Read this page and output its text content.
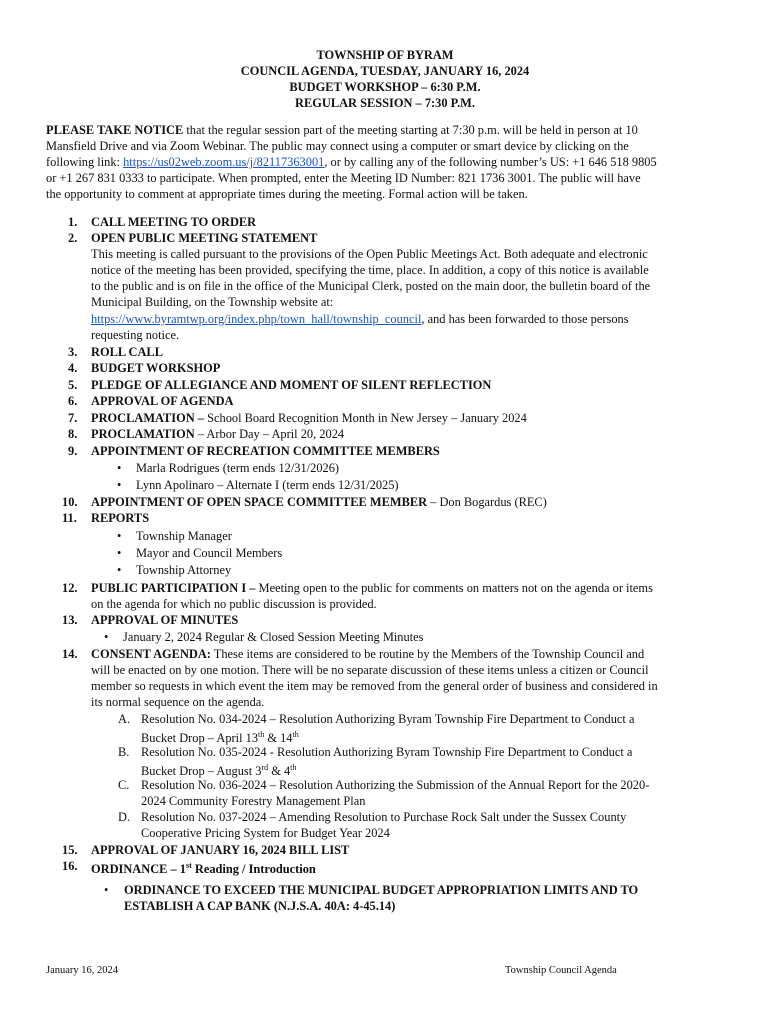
TOWNSHIP OF BYRAM
COUNCIL AGENDA, TUESDAY, JANUARY 16, 2024
BUDGET WORKSHOP – 6:30 P.M.
REGULAR SESSION – 7:30 P.M.
PLEASE TAKE NOTICE that the regular session part of the meeting starting at 7:30 p.m. will be held in person at 10
Mansfield Drive and via Zoom Webinar. The public may connect using a computer or smart device by clicking on the
following link: https://us02web.zoom.us/j/82117363001, or by calling any of the following number’s US: +1 646 518 9805
or +1 267 831 0333 to participate. When prompted, enter the Meeting ID Number: 821 1736 3001. The public will have
the opportunity to comment at appropriate times during the meeting. Formal action will be taken.
1. CALL MEETING TO ORDER
2. OPEN PUBLIC MEETING STATEMENT
This meeting is called pursuant to the provisions of the Open Public Meetings Act. Both adequate and electronic
notice of the meeting has been provided, specifying the time, place. In addition, a copy of this notice is available
to the public and is on file in the office of the Municipal Clerk, posted on the main door, the bulletin board of the
Municipal Building, on the Township website at:
https://www.byramtwp.org/index.php/town_hall/township_council, and has been forwarded to those persons
requesting notice.
3. ROLL CALL
4. BUDGET WORKSHOP
5. PLEDGE OF ALLEGIANCE AND MOMENT OF SILENT REFLECTION
6. APPROVAL OF AGENDA
7. PROCLAMATION – School Board Recognition Month in New Jersey – January 2024
8. PROCLAMATION – Arbor Day – April 20, 2024
9. APPOINTMENT OF RECREATION COMMITTEE MEMBERS
• Marla Rodrigues (term ends 12/31/2026)
• Lynn Apolinaro – Alternate I (term ends 12/31/2025)
10. APPOINTMENT OF OPEN SPACE COMMITTEE MEMBER – Don Bogardus (REC)
11. REPORTS
• Township Manager
• Mayor and Council Members
• Township Attorney
12. PUBLIC PARTICIPATION I – Meeting open to the public for comments on matters not on the agenda or items
on the agenda for which no public discussion is provided.
13. APPROVAL OF MINUTES
• January 2, 2024 Regular & Closed Session Meeting Minutes
14. CONSENT AGENDA: These items are considered to be routine by the Members of the Township Council and
will be enacted on by one motion. There will be no separate discussion of these items unless a citizen or Council
member so requests in which event the item may be removed from the general order of business and considered in
its normal sequence on the agenda.
A. Resolution No. 034-2024 – Resolution Authorizing Byram Township Fire Department to Conduct a
Bucket Drop – April 13th & 14th
B. Resolution No. 035-2024 - Resolution Authorizing Byram Township Fire Department to Conduct a
Bucket Drop – August 3rd & 4th
C. Resolution No. 036-2024 – Resolution Authorizing the Submission of the Annual Report for the 2020-
2024 Community Forestry Management Plan
D. Resolution No. 037-2024 – Amending Resolution to Purchase Rock Salt under the Sussex County
Cooperative Pricing System for Budget Year 2024
15. APPROVAL OF JANUARY 16, 2024 BILL LIST
16. ORDINANCE – 1st Reading / Introduction
• ORDINANCE TO EXCEED THE MUNICIPAL BUDGET APPROPRIATION LIMITS AND TO
ESTABLISH A CAP BANK (N.J.S.A. 40A: 4-45.14)
January 16, 2024	Township Council Agenda
